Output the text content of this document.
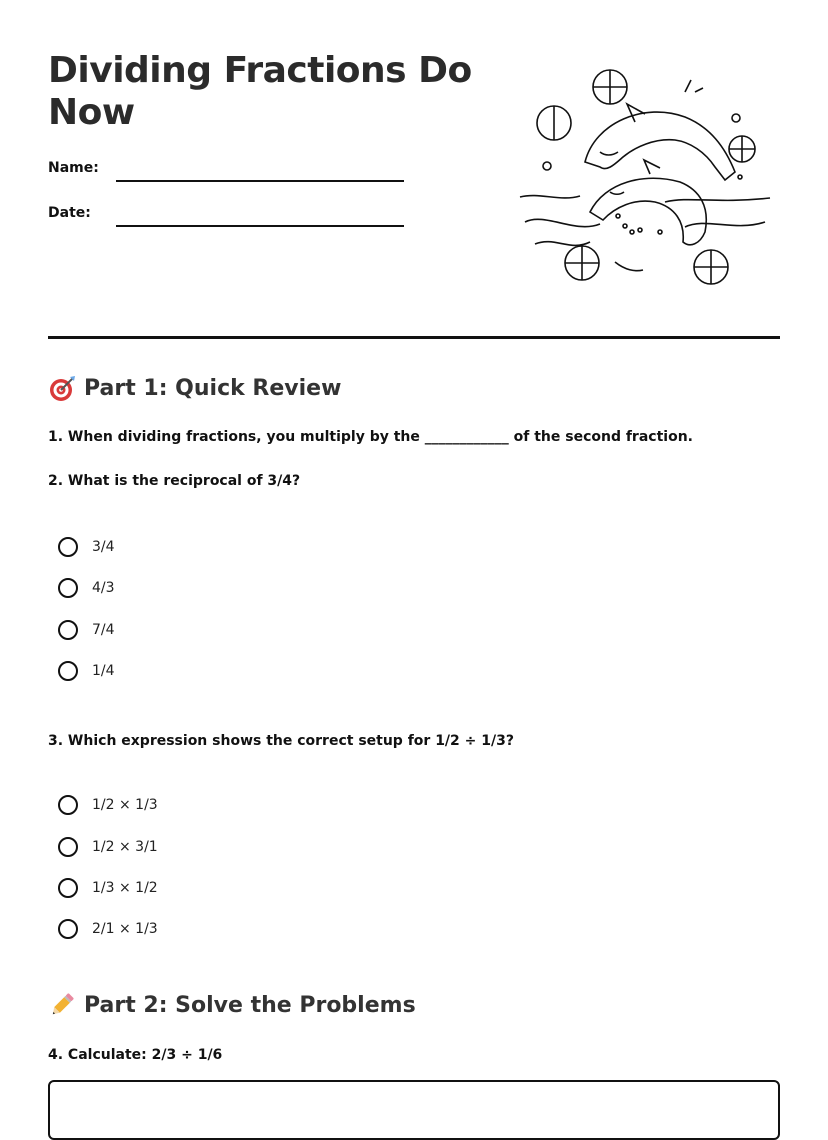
Dividing Fractions Do Now
Name:
Date:
Part 1: Quick Review
1. When dividing fractions, you multiply by the ____________ of the second fraction.
2. What is the reciprocal of 3/4?
3/4
4/3
7/4
1/4
3. Which expression shows the correct setup for 1/2 ÷ 1/3?
1/2 × 1/3
1/2 × 3/1
1/3 × 1/2
2/1 × 1/3
Part 2: Solve the Problems
4. Calculate: 2/3 ÷ 1/6
